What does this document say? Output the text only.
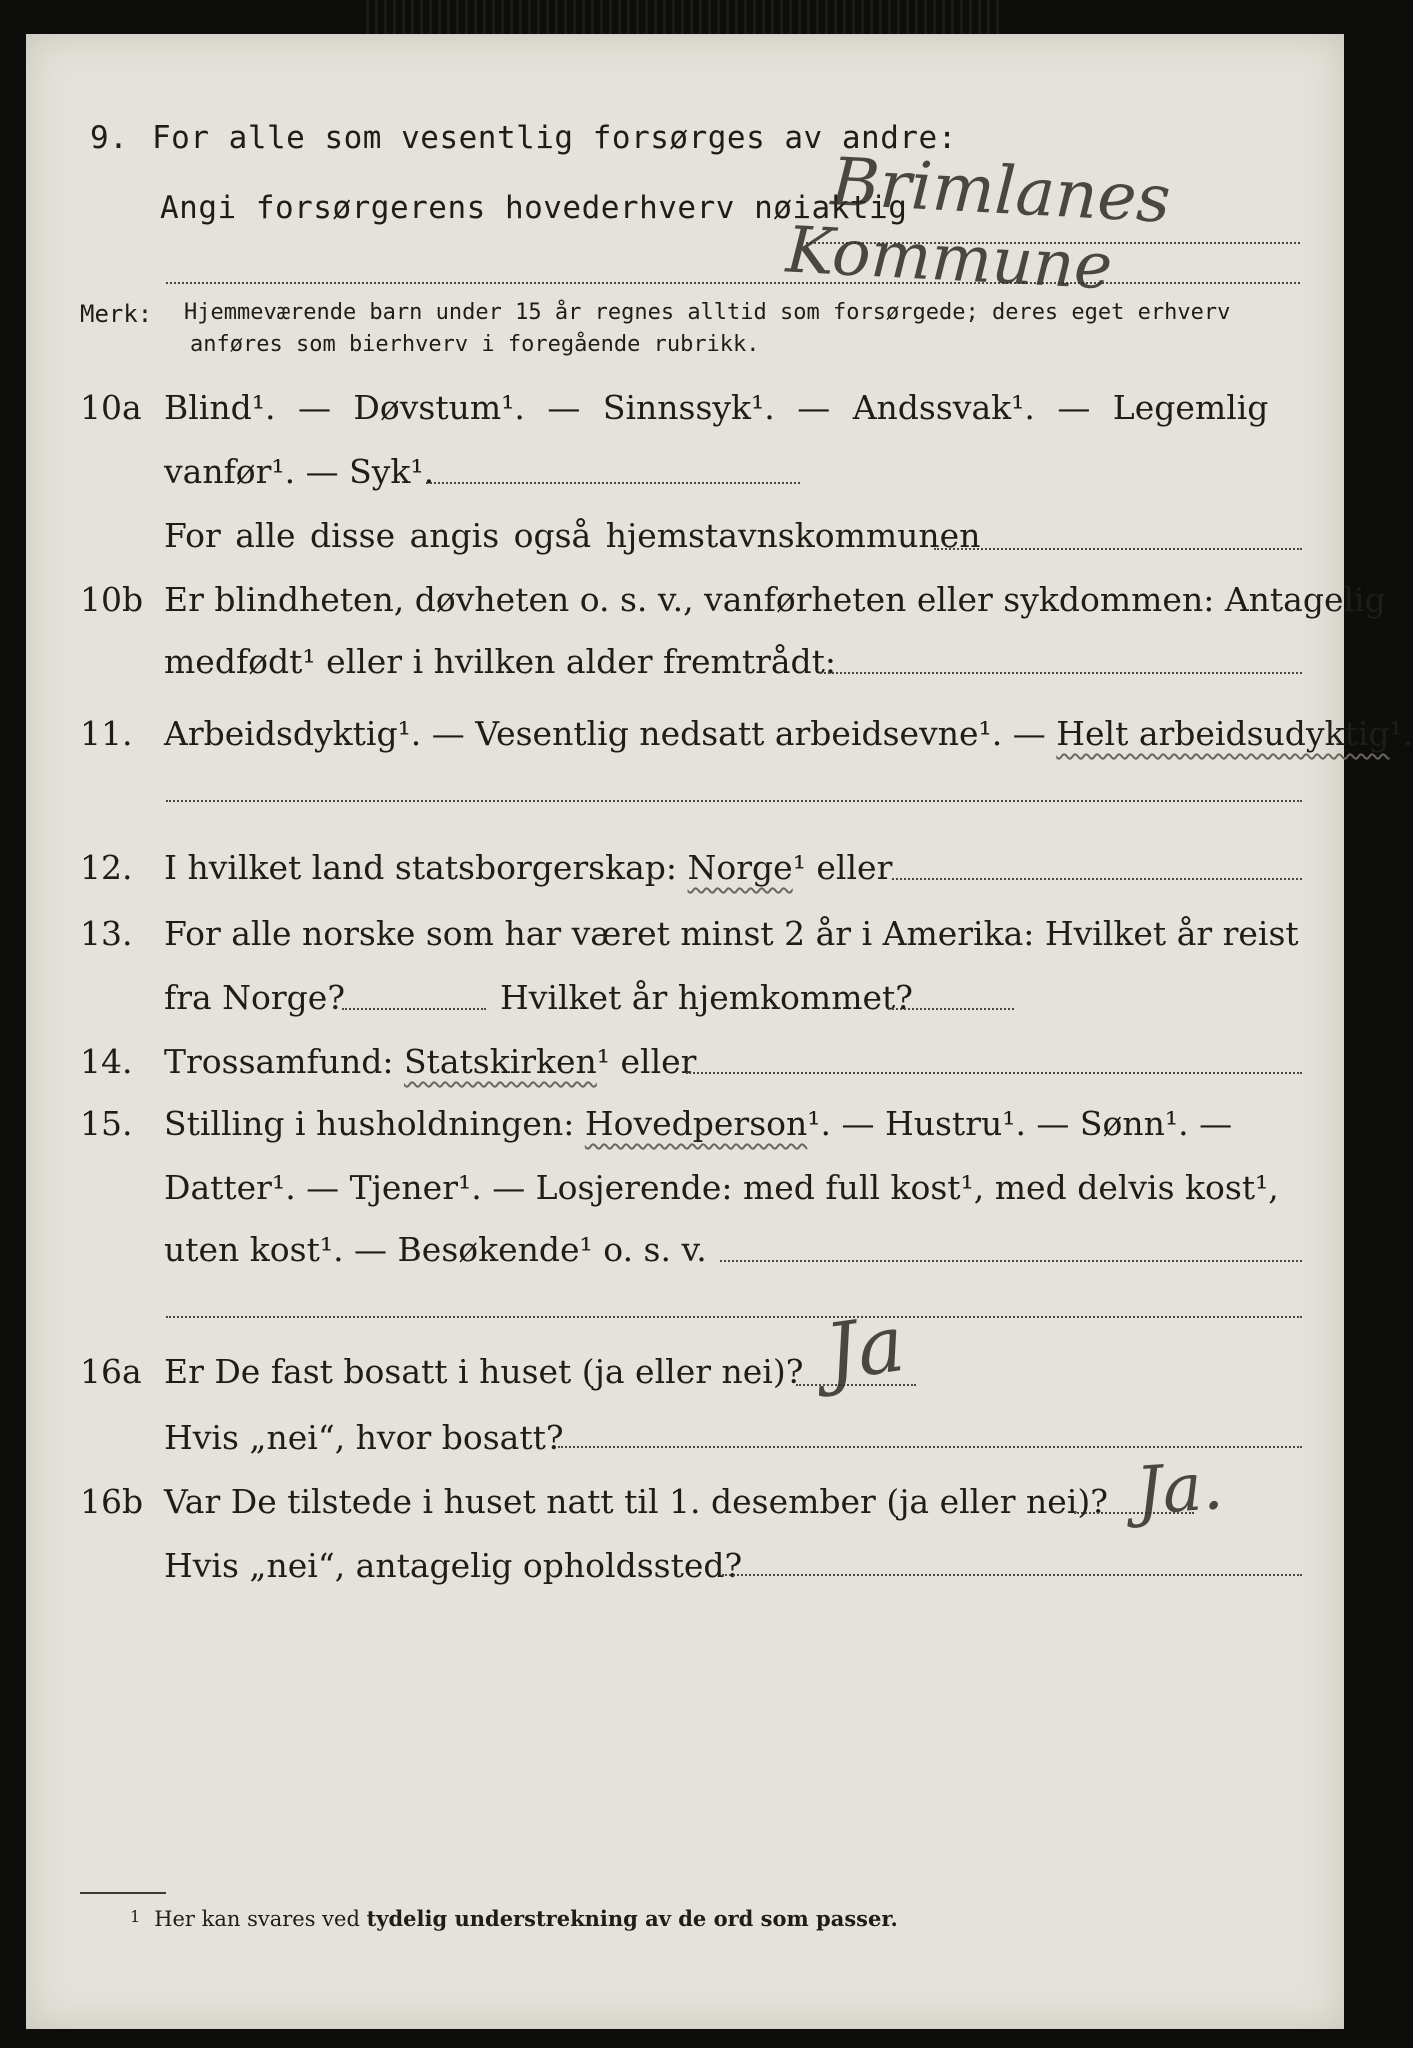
9. For alle som vesentlig forsørges av andre:
Angi forsørgerens hovederhverv nøiaktig
Brimlanes
Kommune
Merk: Hjemmeværende barn under 15 år regnes alltid som forsørgede; deres eget erhverv
anføres som bierhverv i foregående rubrikk.
10a Blind¹. — Døvstum¹. — Sinnssyk¹. — Andssvak¹. — Legemlig
vanfør¹. — Syk¹.
For alle disse angis også hjemstavnskommunen
10b Er blindheten, døvheten o. s. v., vanførheten eller sykdommen: Antagelig
medfødt¹ eller i hvilken alder fremtrådt:
11. Arbeidsdyktig¹. — Vesentlig nedsatt arbeidsevne¹. — Helt arbeidsudyktig¹.
12. I hvilket land statsborgerskap: Norge¹ eller
13. For alle norske som har været minst 2 år i Amerika: Hvilket år reist
fra Norge?	Hvilket år hjemkommet?
14. Trossamfund: Statskirken¹ eller
15. Stilling i husholdningen: Hovedperson¹. — Hustru¹. — Sønn¹. —
Datter¹. — Tjener¹. — Losjerende: med full kost¹, med delvis kost¹,
uten kost¹. — Besøkende¹ o. s. v.
16a Er De fast bosatt i huset (ja eller nei)? Ja
Hvis „nei“, hvor bosatt?
16b Var De tilstede i huset natt til 1. desember (ja eller nei)? Ja.
Hvis „nei“, antagelig opholdssted?
1 Her kan svares ved tydelig understrekning av de ord som passer.
